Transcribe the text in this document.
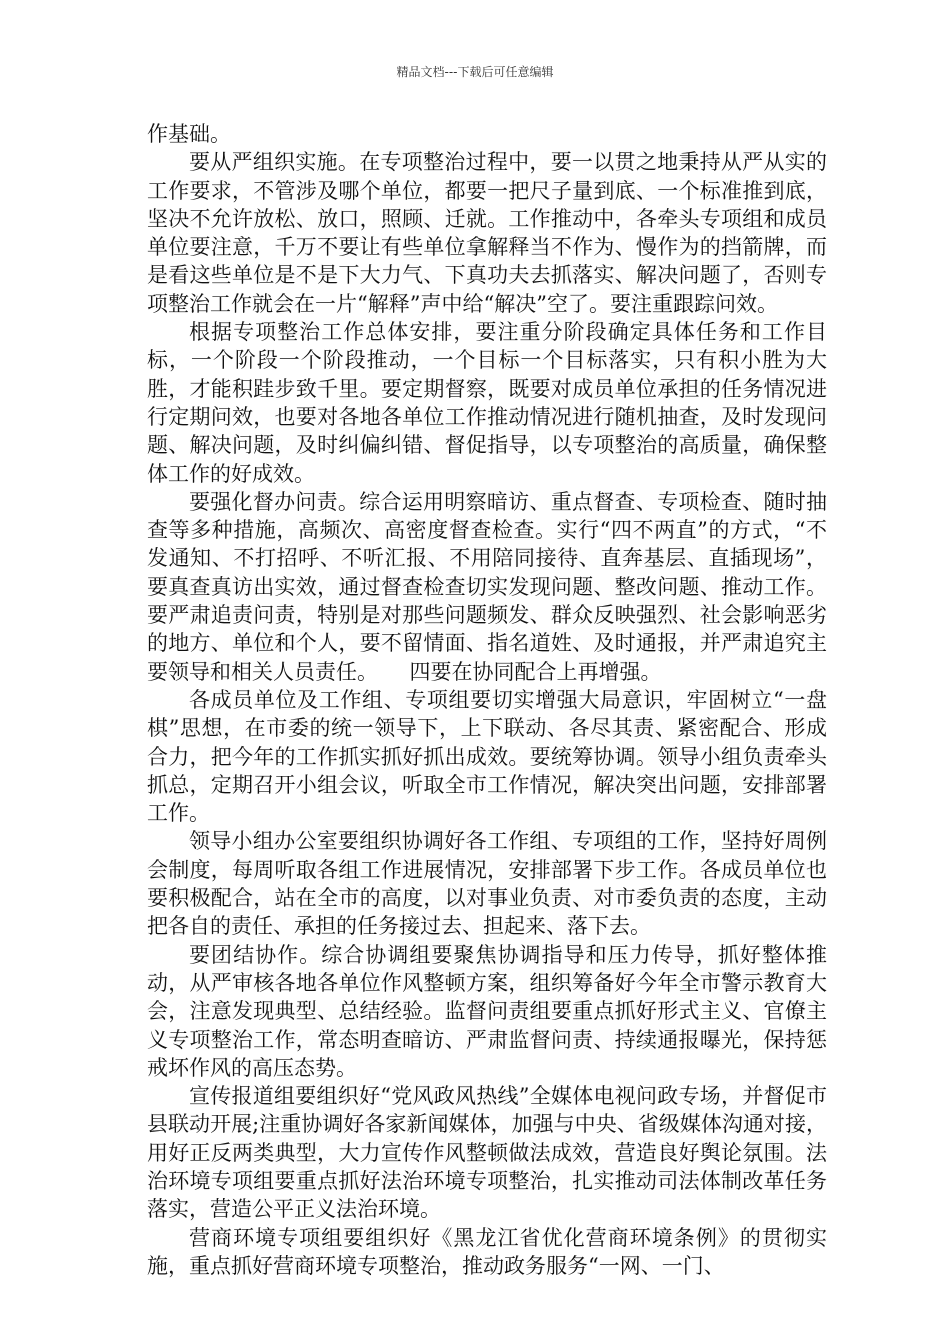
精品文档---下载后可任意编辑

作基础。

要从严组织实施。在专项整治过程中，要一以贯之地秉持从严从实的工作要求，不管涉及哪个单位，都要一把尺子量到底、一个标准推到底，坚决不允许放松、放口，照顾、迁就。工作推动中，各牵头专项组和成员单位要注意，千万不要让有些单位拿解释当不作为、慢作为的挡箭牌，而是看这些单位是不是下大力气、下真功夫去抓落实、解决问题了，否则专项整治工作就会在一片“解释”声中给“解决”空了。要注重跟踪问效。

根据专项整治工作总体安排，要注重分阶段确定具体任务和工作目标，一个阶段一个阶段推动，一个目标一个目标落实，只有积小胜为大胜，才能积跬步致千里。要定期督察，既要对成员单位承担的任务情况进行定期问效，也要对各地各单位工作推动情况进行随机抽查，及时发现问题、解决问题，及时纠偏纠错、督促指导，以专项整治的高质量，确保整体工作的好成效。

要强化督办问责。综合运用明察暗访、重点督查、专项检查、随时抽查等多种措施，高频次、高密度督查检查。实行“四不两直”的方式，“不发通知、不打招呼、不听汇报、不用陪同接待、直奔基层、直插现场”，要真查真访出实效，通过督查检查切实发现问题、整改问题、推动工作。要严肃追责问责，特别是对那些问题频发、群众反映强烈、社会影响恶劣的地方、单位和个人，要不留情面、指名道姓、及时通报，并严肃追究主要领导和相关人员责任。　　四要在协同配合上再增强。

各成员单位及工作组、专项组要切实增强大局意识，牢固树立“一盘棋”思想，在市委的统一领导下，上下联动、各尽其责、紧密配合、形成合力，把今年的工作抓实抓好抓出成效。要统筹协调。领导小组负责牵头抓总，定期召开小组会议，听取全市工作情况，解决突出问题，安排部署工作。

领导小组办公室要组织协调好各工作组、专项组的工作，坚持好周例会制度，每周听取各组工作进展情况，安排部署下步工作。各成员单位也要积极配合，站在全市的高度，以对事业负责、对市委负责的态度，主动把各自的责任、承担的任务接过去、担起来、落下去。

要团结协作。综合协调组要聚焦协调指导和压力传导，抓好整体推动，从严审核各地各单位作风整顿方案，组织筹备好今年全市警示教育大会，注意发现典型、总结经验。监督问责组要重点抓好形式主义、官僚主义专项整治工作，常态明查暗访、严肃监督问责、持续通报曝光，保持惩戒坏作风的高压态势。

宣传报道组要组织好“党风政风热线”全媒体电视问政专场，并督促市县联动开展;注重协调好各家新闻媒体，加强与中央、省级媒体沟通对接，用好正反两类典型，大力宣传作风整顿做法成效，营造良好舆论氛围。法治环境专项组要重点抓好法治环境专项整治，扎实推动司法体制改革任务落实，营造公平正义法治环境。

营商环境专项组要组织好《黑龙江省优化营商环境条例》的贯彻实施，重点抓好营商环境专项整治，推动政务服务“一网、一门、
